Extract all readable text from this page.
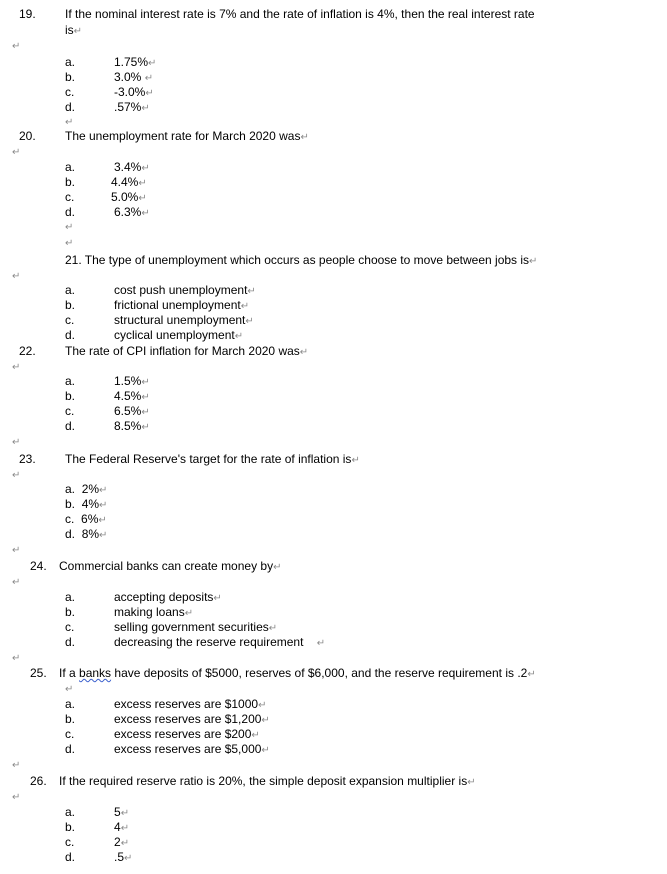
19. If the nominal interest rate is 7% and the rate of inflation is 4%, then the real interest rate
is↵
↵
a.	1.75%↵
b.	3.0% ↵
c.	-3.0%↵
d.	.57%↵
↵
20. The unemployment rate for March 2020 was↵
↵
a.	3.4%↵
b.	4.4%↵
c.	5.0%↵
d.	6.3%↵
↵
↵
21. The type of unemployment which occurs as people choose to move between jobs is↵
↵
a.	cost push unemployment↵
b.	frictional unemployment↵
c.	structural unemployment↵
d.	cyclical unemployment↵
22. The rate of CPI inflation for March 2020 was↵
↵
a.	1.5%↵
b.	4.5%↵
c.	6.5%↵
d.	8.5%↵
↵
23. The Federal Reserve's target for the rate of inflation is↵
↵
a. 2%↵
b. 4%↵
c. 6%↵
d. 8%↵
↵
24. Commercial banks can create money by↵
↵
a.	accepting deposits↵
b.	making loans↵
c.	selling government securities↵
d.	decreasing the reserve requirement ↵
↵
25. If a banks have deposits of $5000, reserves of $6,000, and the reserve requirement is .2↵
↵
a.	excess reserves are $1000↵
b.	excess reserves are $1,200↵
c.	excess reserves are $200↵
d.	excess reserves are $5,000↵
↵
26. If the required reserve ratio is 20%, the simple deposit expansion multiplier is↵
↵
a.	5↵
b.	4↵
c.	2↵
d.	.5↵
